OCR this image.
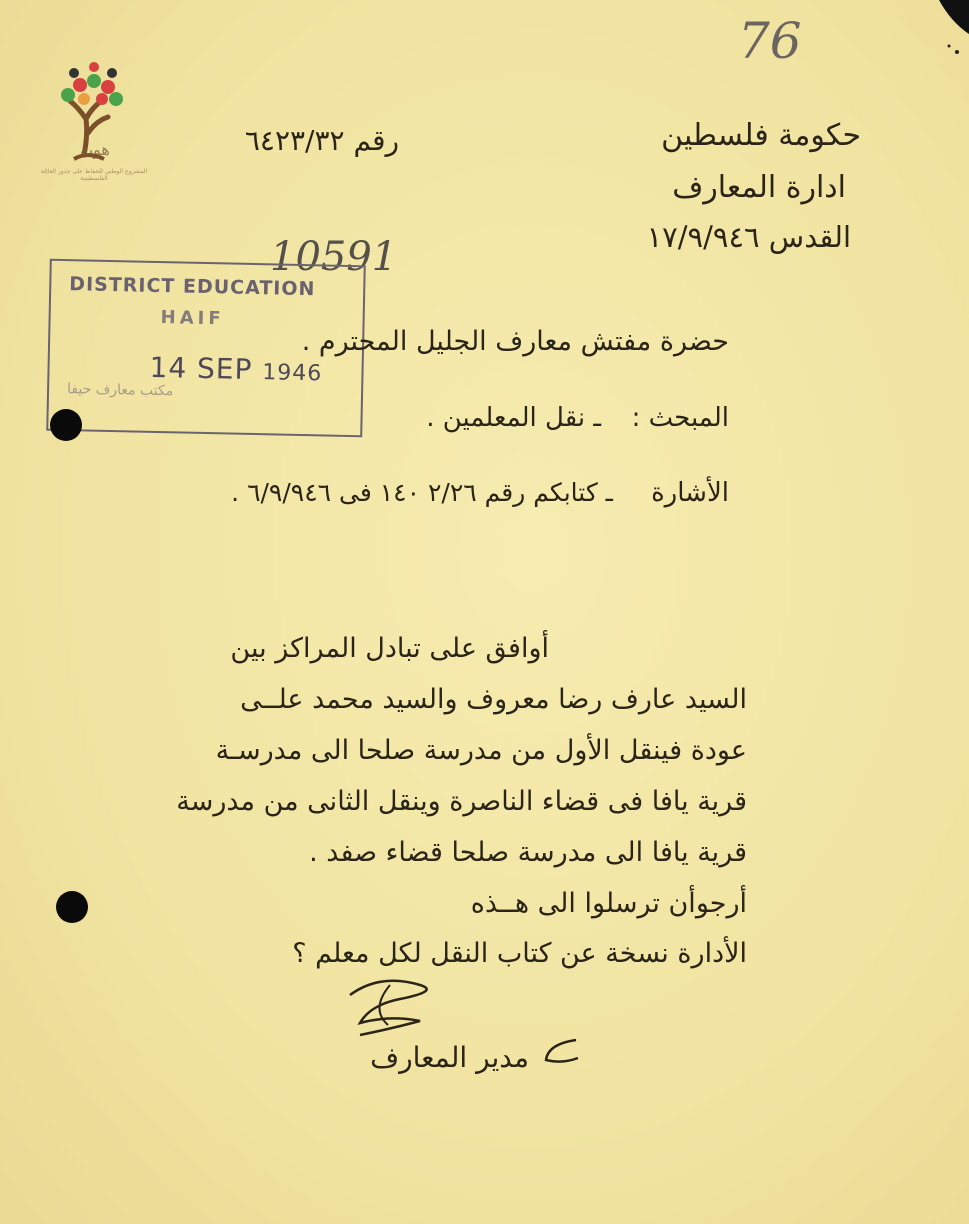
هوية
المشروع الوطني للحفاظ على جذور العائلة الفلسطينية
76
حكومة فلسطين
ادارة المعارف
القدس ١٧/٩/٩٤٦
رقم ٦٤٢٣/٣٢
10591
DISTRICT EDUCATION
HAIF
14 SEP 1946
مكتب معارف حيفا
حضرة مفتش معارف الجليل المحترم .
المبحث :
ـ نقل المعلمين .
الأشارة
ـ كتابكم رقم ٢/٢٦ ١٤٠ فى ٦/٩/٩٤٦ .
أوافق على تبادل المراكز بين
السيد عارف رضا معروف والسيد محمد علــى
عودة فينقل الأول من مدرسة صلحا الى مدرسـة
قرية يافا فى قضاء الناصرة وينقل الثانى من مدرسة
قرية يافا الى مدرسة صلحا قضاء صفد .
أرجوأن ترسلوا الى هــذه
الأدارة نسخة عن كتاب النقل لكل معلم ؟
مدير المعارف
